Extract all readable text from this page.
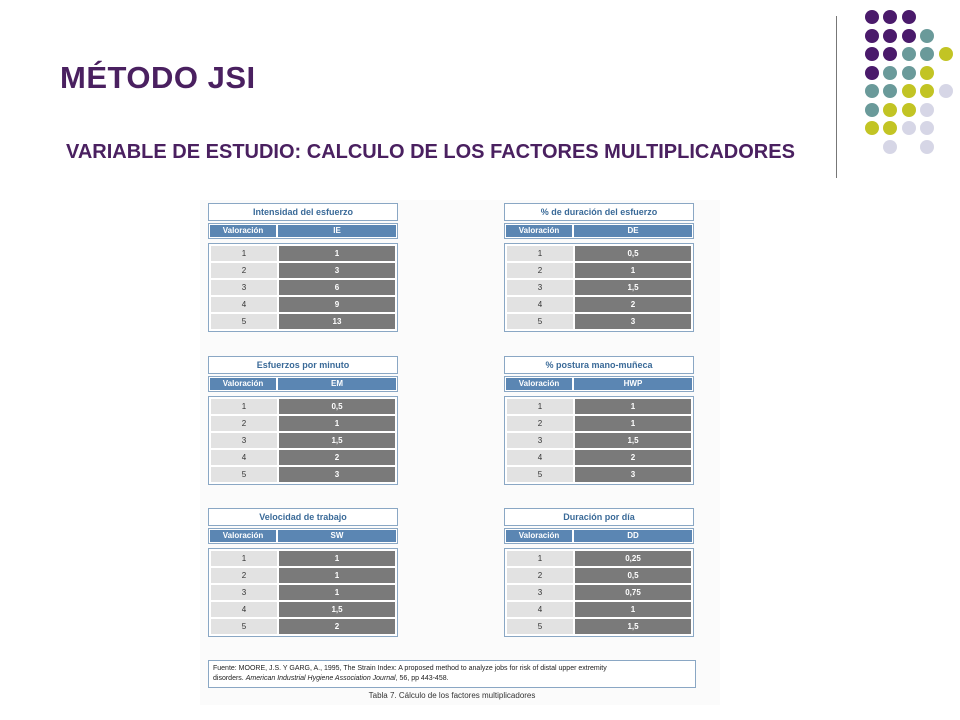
MÉTODO JSI
VARIABLE DE ESTUDIO: CALCULO DE LOS FACTORES MULTIPLICADORES
Intensidad del esfuerzo
Valoración	IE
1	1
2	3
3	6
4	9
5	13
% de duración del esfuerzo
Valoración	DE
1	0,5
2	1
3	1,5
4	2
5	3
Esfuerzos por minuto
Valoración	EM
1	0,5
2	1
3	1,5
4	2
5	3
% postura mano-muñeca
Valoración	HWP
1	1
2	1
3	1,5
4	2
5	3
Velocidad de trabajo
Valoración	SW
1	1
2	1
3	1
4	1,5
5	2
Duración por día
Valoración	DD
1	0,25
2	0,5
3	0,75
4	1
5	1,5
Fuente: MOORE, J.S. Y GARG, A., 1995, The Strain Index: A proposed method to analyze jobs for risk of distal upper extremity
disorders. American Industrial Hygiene Association Journal, 56, pp 443-458.
Tabla 7. Cálculo de los factores multiplicadores
